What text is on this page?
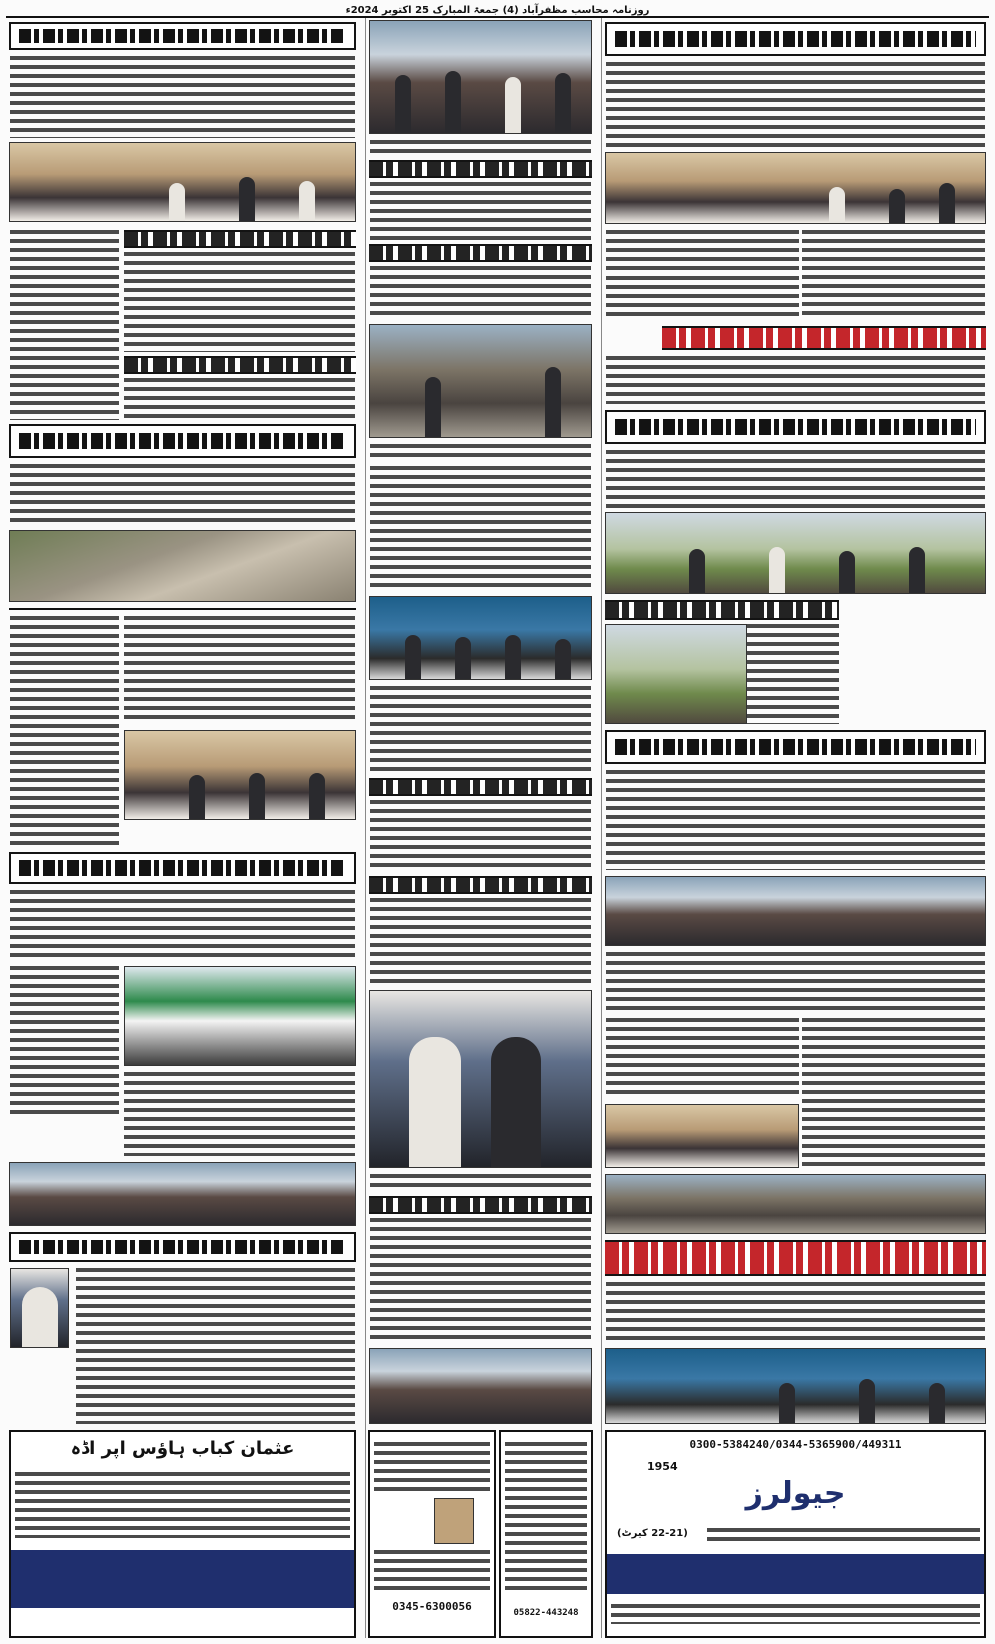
روزنامہ محاسب مظفرآباد (4) جمعۃ المبارک 25 اکتوبر 2024ء
0300-5384240/0344-5365900/449311
1954
جیولرز
(22-21 کیرٹ)
0345-6300056	05822-443248
عثمان کباب ہاؤس اپر اڈہ
